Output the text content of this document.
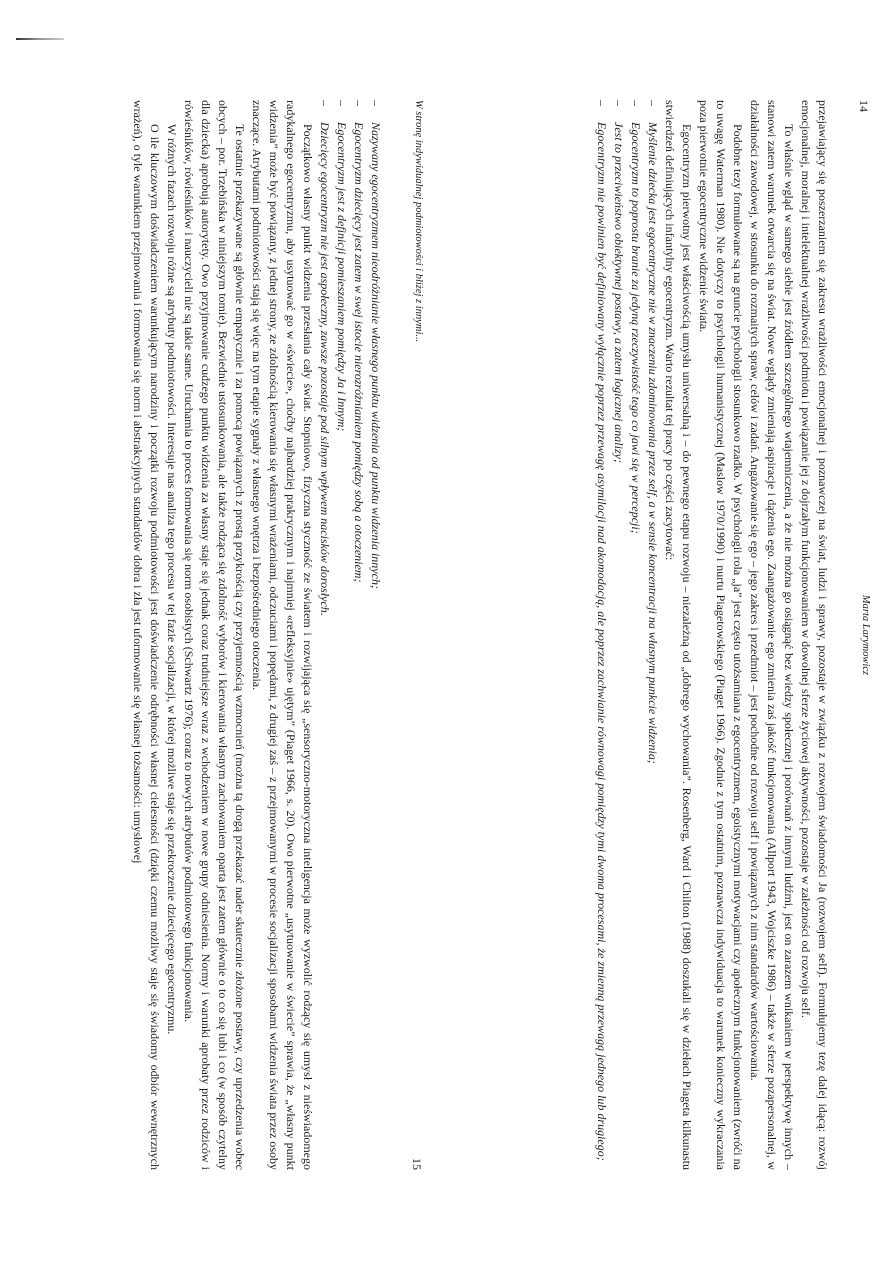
14
Marta Larymowicz

przejawiający się poszerzaniem się zakresu wrażliwości emocjonalnej i poznawczej na świat, ludzi i sprawy, pozostaje w związku z rozwojem świadomości Ja (rozwojem self). Formułujemy tezę dalej idącą: rozwój emocjonalnej, moralnej i intelektualnej wrażliwości podmiotu i powiązanie jej z dojrzałym funkcjonowaniem w dowolnej sferze życiowej aktywności, pozostaje w zależności od rozwoju self.

To właśnie wgląd w samego siebie jest źródłem szczególnego wtajemniczenia, a że nie można go osiągnąć bez wiedzy społecznej i porównań z innymi ludźmi, jest on zarazem wnikaniem w perspektywę innych – stanowi zatem warunek otwarcia się na świat. Nowe wglądy zmieniają aspiracje i dążenia ego. Zaangażowanie ego zmienia zaś jakość funkcjonowania (Allport 1943, Wojciszke 1986) – także w sferze pozapersonalnej, w działalności zawodowej, w stosunku do rozmaitych spraw, celów i zadań. Angażowanie się ego – jego zakres i przedmiot – jest pochodne od rozwoju self i powiązanych z nim standardów wartościowania.

Podobne tezy formułowane są na gruncie psychologii stosunkowo rzadko. W psychologii rola „ja” jest często utożsamiana z egocentryzmem, egoistycznymi motywacjami czy apołecznym funkcjonowaniem (zwróći na to uwagę Waterman 1980). Nie dotyczy to psychologii humanistycznej (Maslow 1970/1990) i nurtu Piagetowskiego (Piaget 1966). Zgodnie z tym ostatnim, poznawcza indywiduacja to warunek konieczny wykraczania poza pierwotnie egocentryczne widzenie świata.

Egocentryzm pierwotny jest właściwością umysłu uniwersalną i – do pewnego etapu rozwoju – niezależną od „dobrego wychowania”. Rosenberg, Ward i Chilton (1988) doszukali się w dziełach Piageta kilkunastu stwierdzeń definiujących infantylny egocentryzm. Warto rezultat tej pracy po części zacytować:

–
Myślenie dziecka jest egocentryczne nie w znaczeniu zdominowania przez self, a w sensie koncentracji na własnym punkcie widzenia;
–
Egocentryzm to poprostu branie za jedyną rzeczywistość tego co jawi się w percepcji;
–
Jest to przeciwieństwo obiektywnej postawy, a zatem logicznej analizy;
–
Egocentryzm nie powinien być definiowany wyłącznie poprzez przewagę asymilacji nad akomodacją, ale poprzez zachwianie równowagi pomiędzy tymi dwoma procesami, że zmienną przewagą jednego lub drugiego;
W stronę indywidualnej podmiotowości i bliżej z innymi...
15
–
Nazywany egocentryzmem nieodróżnianie własnego punktu widzenia od punktu widzenia innych;
–
Egocentryzm dziecięcy jest zatem w swej istocie nierozróżnianiem pomiędzy sobą a otoczeniem;
–
Egocentryzm jest z definicji pomieszaniem pomiędzy Ja i Innym;
–
Dziecięcy egocentryzm nie jest aspołeczny, zawsze pozostaje pod silnym wpływem nacisków dorosłych.

Początkowo własny punkt widzenia przesłania cały świat. Stopniowo, fizyczna styczność ze światem i rozwijająca się „sensoryczno-motoryczna inteligencja może wyzwolić rodzący się umysł z nieświadomego radykalnego egocentryzmu, aby usytuować go w «świecie», choćby najbardziej prakrycznym i najmniej «refleksyjnie» ujętym” (Piaget 1966, s. 20). Owo pierwotne „usytuowanie w świecie” sprawia, że „własny punkt widzenia” może być powiązany, z jednej strony, ze zdolnością kierowania się własnymi wrażeniami, odczuciami i popędami, z drugiej zaś – z przejmowanymi w procesie socjalizacji sposobami widzenia świata przez osoby znaczące. Atrybutami podmiotowości stają się więc na tym etapie sygnały z własnego wnętrza i bezpośredniego otoczenia.

Te ostatnie przekazywane są głównie empatycznie i za pomocą powiązanych z prostą przykrością czy przyjemnością wzmocnień (można tą drogą przekazać nader skutecznie złożone postawy, czy uprzedzenia wobec obcych – por. Trzebińska w niniejszym tomie). Bezwiednie ustosunkowania, ale także rodząca się zdolność wyborów i kierowania własnym zachowaniem oparta jest zatem głównie o to co się lubi i co (w sposób czytelny dla dziecka) aprobują autorytety. Owo przyjmowanie cudzego punktu widzenia za własny staje się jednak coraz trudniejsze wraz z wchodzeniem w nowe grupy odniesienia. Normy i warunki aprobaty przez rodziców i rówieśników, rówieśników i nauczycieli nie są takie same. Uruchamia to proces formowania się norm osobistych (Schwartz 1976); coraz to nowych atrybutów podmiotowego funkcjonowania.

W różnych fazach rozwoju różne są atrybuty podmiotowości. Interesuje nas analiza tego procesu w tej fazie socjalizacji, w której możliwe staje się przekroczenie dziecięcego egocentryzmu.

O ile kluczowym doświadczeniem warunkującym narodziny i początki rozwoju podmiotowości jest doświadczenie odrębności własnej cielesności (dzięki czemu możliwy staje się świadomy odbiór wewnętrznych wrażeń), o tyle warunkiem przejmowania i formowania się norm i abstrakcyjnych standardów dobra i zła jest uformowanie się własnej tożsamości: umysłowej
